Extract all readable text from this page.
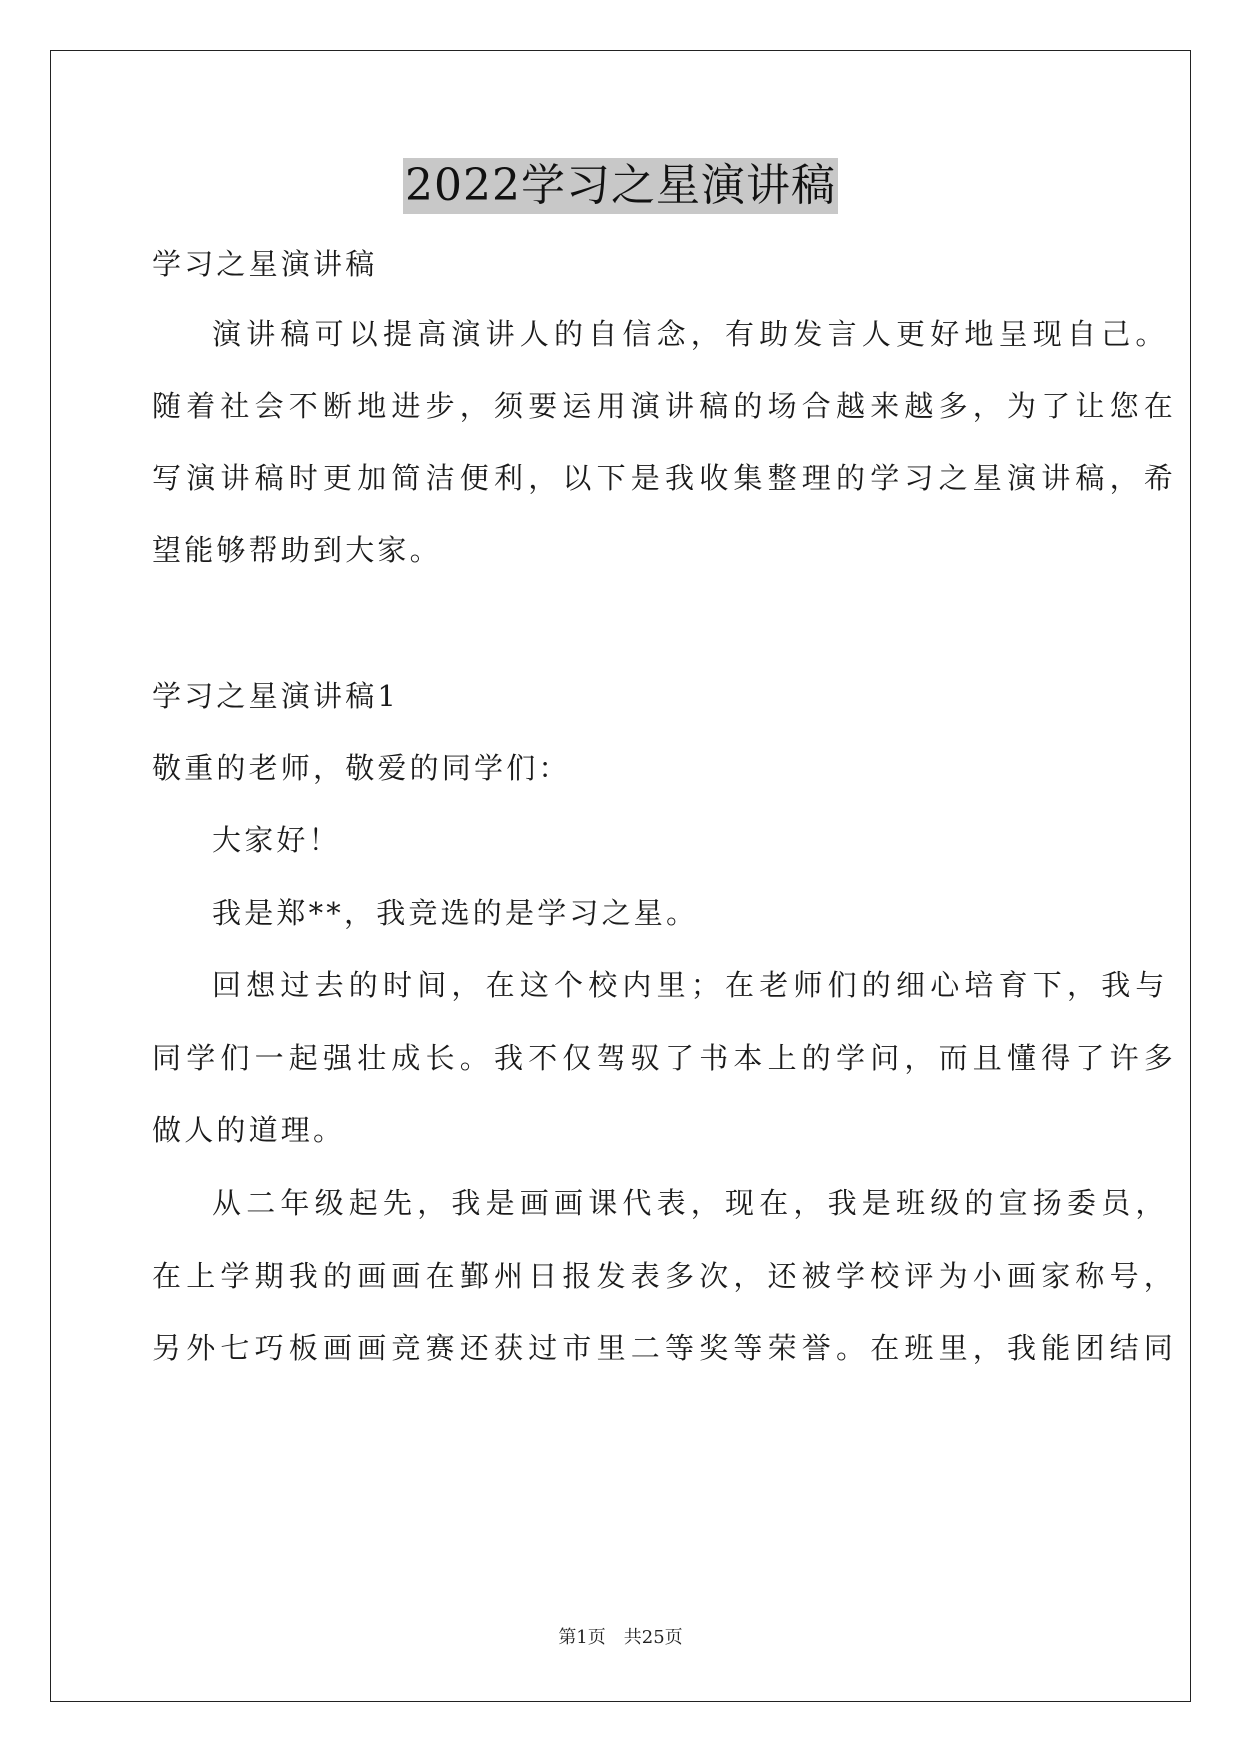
2022学习之星演讲稿
学习之星演讲稿
演讲稿可以提高演讲人的自信念，有助发言人更好地呈现自己。
随着社会不断地进步，须要运用演讲稿的场合越来越多，为了让您在
写演讲稿时更加简洁便利，以下是我收集整理的学习之星演讲稿，希
望能够帮助到大家。
学习之星演讲稿1
敬重的老师，敬爱的同学们：
大家好！
我是郑**，我竞选的是学习之星。
回想过去的时间，在这个校内里；在老师们的细心培育下，我与
同学们一起强壮成长。我不仅驾驭了书本上的学问，而且懂得了许多
做人的道理。
从二年级起先，我是画画课代表，现在，我是班级的宣扬委员，
在上学期我的画画在鄞州日报发表多次，还被学校评为小画家称号，
另外七巧板画画竞赛还获过市里二等奖等荣誉。在班里，我能团结同
第1页　共25页
